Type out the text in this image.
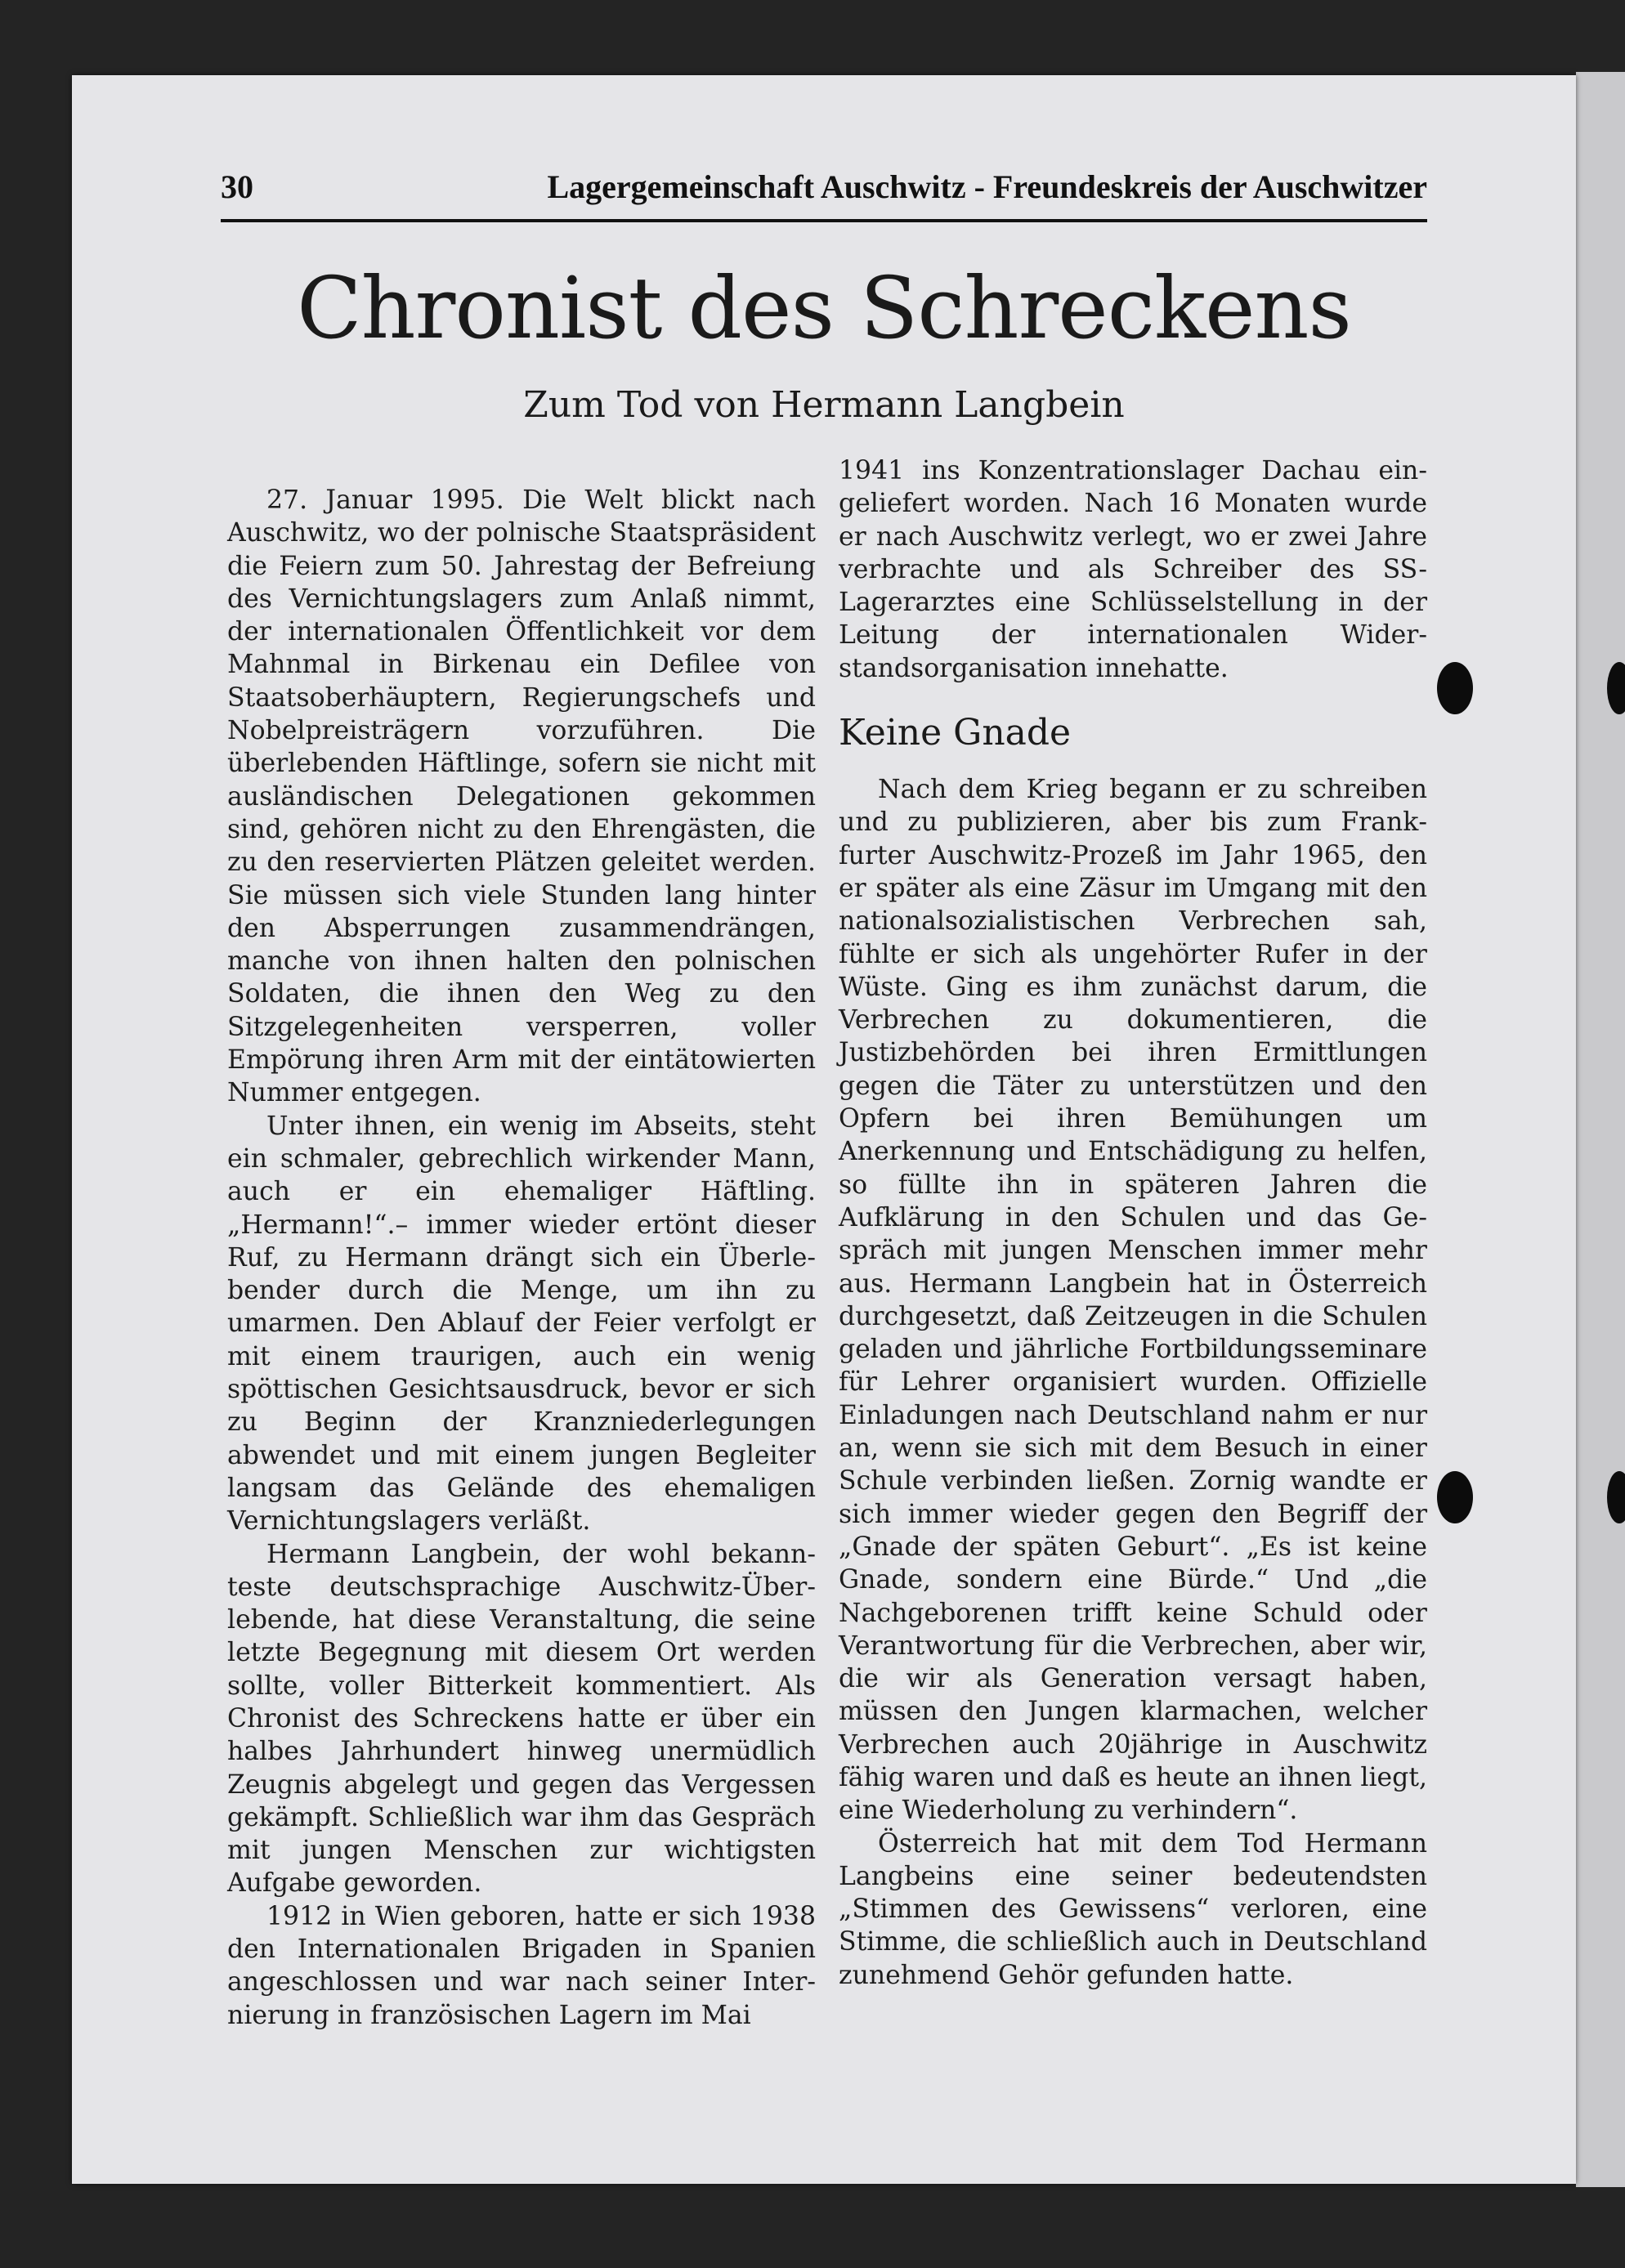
30	Lagergemeinschaft Auschwitz - Freundeskreis der Auschwitzer
Chronist des Schreckens
Zum Tod von Hermann Langbein

27. Januar 1995. Die Welt blickt nach Auschwitz, wo der polnische Staatspräsident die Feiern zum 50. Jahrestag der Befreiung des Vernichtungslagers zum Anlaß nimmt, der internationalen Öffentlichkeit vor dem Mahnmal in Birkenau ein Defilee von Staatsoberhäuptern, Regierungschefs und Nobelpreisträgern vorzuführen. Die überlebenden Häftlinge, sofern sie nicht mit ausländischen Delegationen gekommen sind, gehören nicht zu den Ehrengästen, die zu den reservierten Plätzen geleitet werden. Sie müssen sich viele Stunden lang hinter den Absperrungen zusammendrängen, manche von ihnen halten den polnischen Soldaten, die ihnen den Weg zu den Sitzgelegenheiten versperren, voller Empörung ihren Arm mit der eintätowierten Nummer entgegen.

Unter ihnen, ein wenig im Abseits, steht ein schmaler, gebrechlich wirkender Mann, auch er ein ehemaliger Häftling. „Hermann!“.– immer wieder ertönt dieser Ruf, zu Hermann drängt sich ein Überlebender durch die Menge, um ihn zu umarmen. Den Ablauf der Feier verfolgt er mit einem traurigen, auch ein wenig spöttischen Gesichtsausdruck, bevor er sich zu Beginn der Kranzniederlegungen abwendet und mit einem jungen Begleiter langsam das Gelände des ehemaligen Vernichtungslagers verläßt.

Hermann Langbein, der wohl bekannteste deutschsprachige Auschwitz-Überlebende, hat diese Veranstaltung, die seine letzte Begegnung mit diesem Ort werden sollte, voller Bitterkeit kommentiert. Als Chronist des Schreckens hatte er über ein halbes Jahrhundert hinweg unermüdlich Zeugnis abgelegt und gegen das Vergessen gekämpft. Schließlich war ihm das Gespräch mit jungen Menschen zur wichtigsten Aufgabe geworden.

1912 in Wien geboren, hatte er sich 1938 den Internationalen Brigaden in Spanien angeschlossen und war nach seiner Internierung in französischen Lagern im Mai

1941 ins Konzentrationslager Dachau eingeliefert worden. Nach 16 Monaten wurde er nach Auschwitz verlegt, wo er zwei Jahre verbrachte und als Schreiber des SS-Lagerarztes eine Schlüsselstellung in der Leitung der internationalen Widerstandsorganisation innehatte.

Keine Gnade

Nach dem Krieg begann er zu schreiben und zu publizieren, aber bis zum Frankfurter Auschwitz-Prozeß im Jahr 1965, den er später als eine Zäsur im Umgang mit den nationalsozialistischen Verbrechen sah, fühlte er sich als ungehörter Rufer in der Wüste. Ging es ihm zunächst darum, die Verbrechen zu dokumentieren, die Justizbehörden bei ihren Ermittlungen gegen die Täter zu unterstützen und den Opfern bei ihren Bemühungen um Anerkennung und Entschädigung zu helfen, so füllte ihn in späteren Jahren die Aufklärung in den Schulen und das Gespräch mit jungen Menschen immer mehr aus. Hermann Langbein hat in Österreich durchgesetzt, daß Zeitzeugen in die Schulen geladen und jährliche Fortbildungsseminare für Lehrer organisiert wurden. Offizielle Einladungen nach Deutschland nahm er nur an, wenn sie sich mit dem Besuch in einer Schule verbinden ließen. Zornig wandte er sich immer wieder gegen den Begriff der „Gnade der späten Geburt“. „Es ist keine Gnade, sondern eine Bürde.“ Und „die Nachgeborenen trifft keine Schuld oder Verantwortung für die Verbrechen, aber wir, die wir als Generation versagt haben, müssen den Jungen klarmachen, welcher Verbrechen auch 20jährige in Auschwitz fähig waren und daß es heute an ihnen liegt, eine Wiederholung zu verhindern“.

Österreich hat mit dem Tod Hermann Langbeins eine seiner bedeutendsten „Stimmen des Gewissens“ verloren, eine Stimme, die schließlich auch in Deutschland zunehmend Gehör gefunden hatte.
